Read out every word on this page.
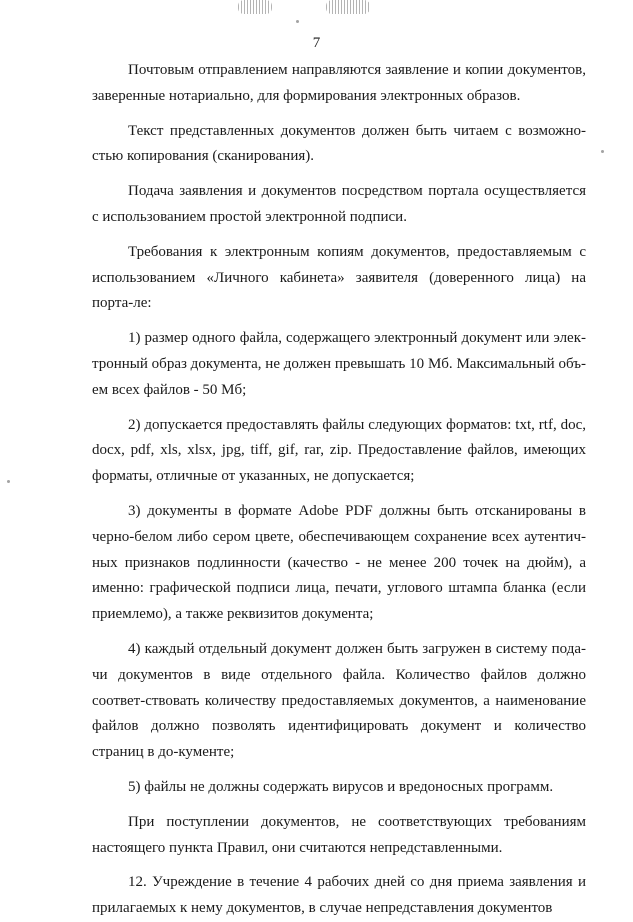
7

Почтовым отправлением направляются заявление и копии документов, заверенные нотариально, для формирования электронных образов.

Текст представленных документов должен быть читаем с возможно-стью копирования (сканирования).

Подача заявления и документов посредством портала осуществляется с использованием простой электронной подписи.

Требования к электронным копиям документов, предоставляемым с использованием «Личного кабинета» заявителя (доверенного лица) на порта-ле:

1) размер одного файла, содержащего электронный документ или элек-тронный образ документа, не должен превышать 10 Мб. Максимальный объ-ем всех файлов - 50 Мб;

2) допускается предоставлять файлы следующих форматов: txt, rtf, doc, docx, pdf, xls, xlsx, jpg, tiff, gif, rar, zip. Предоставление файлов, имеющих форматы, отличные от указанных, не допускается;

3) документы в формате Adobe PDF должны быть отсканированы в черно-белом либо сером цвете, обеспечивающем сохранение всех аутентич-ных признаков подлинности (качество - не менее 200 точек на дюйм), а именно: графической подписи лица, печати, углового штампа бланка (если приемлемо), а также реквизитов документа;

4) каждый отдельный документ должен быть загружен в систему пода-чи документов в виде отдельного файла. Количество файлов должно соответ-ствовать количеству предоставляемых документов, а наименование файлов должно позволять идентифицировать документ и количество страниц в до-кументе;

5) файлы не должны содержать вирусов и вредоносных программ.

При поступлении документов, не соответствующих требованиям настоящего пункта Правил, они считаются непредставленными.

12. Учреждение в течение 4 рабочих дней со дня приема заявления и прилагаемых к нему документов, в случае непредставления документов
